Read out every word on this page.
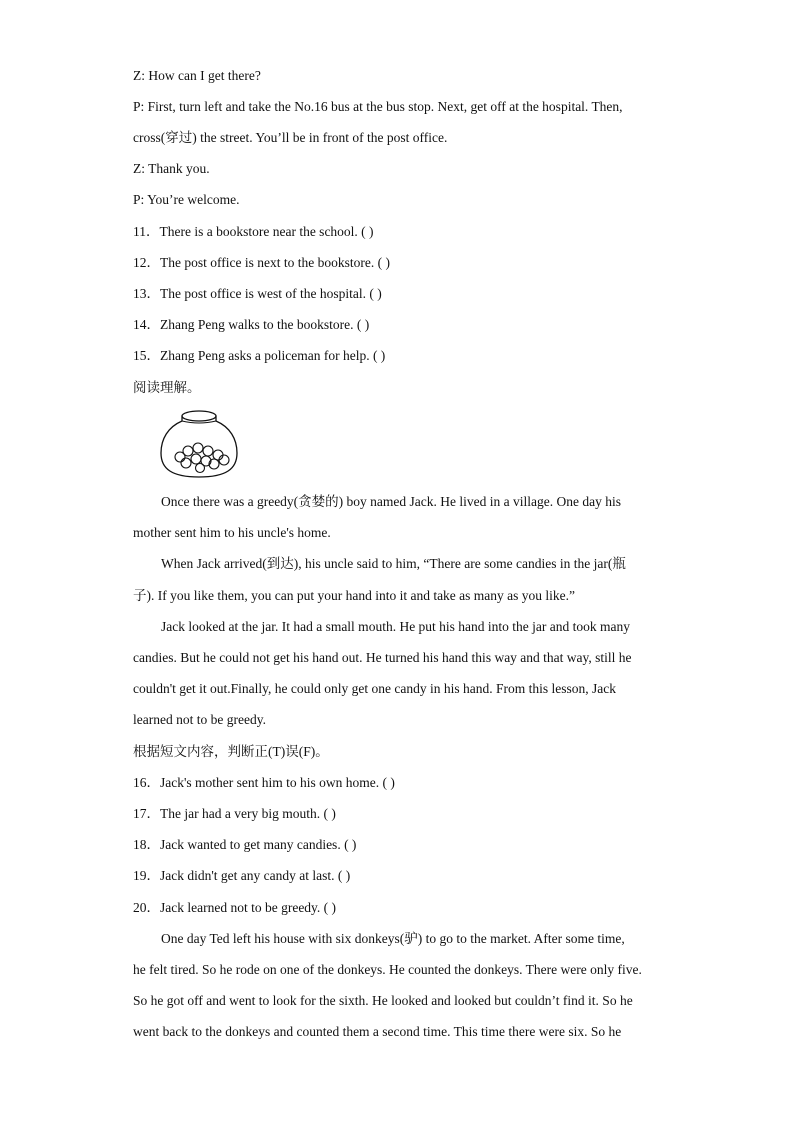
Z: How can I get there?
P: First, turn left and take the No.16 bus at the bus stop. Next, get off at the hospital. Then,
cross(穿过) the street. You’ll be in front of the post office.
Z: Thank you.
P: You’re welcome.
11．There is a bookstore near the school. ( )
12．The post office is next to the bookstore. ( )
13．The post office is west of the hospital. ( )
14．Zhang Peng walks to the bookstore. ( )
15．Zhang Peng asks a policeman for help. ( )
阅读理解。
Once there was a greedy(贪婪的) boy named Jack. He lived in a village. One day his
mother sent him to his uncle's home.
When Jack arrived(到达), his uncle said to him, “There are some candies in the jar(瓶
子). If you like them, you can put your hand into it and take as many as you like.”
Jack looked at the jar. It had a small mouth. He put his hand into the jar and took many
candies. But he could not get his hand out. He turned his hand this way and that way, still he
couldn't get it out.Finally, he could only get one candy in his hand. From this lesson, Jack
learned not to be greedy.
根据短文内容，判断正(T)误(F)。
16．Jack's mother sent him to his own home. ( )
17．The jar had a very big mouth. ( )
18．Jack wanted to get many candies. ( )
19．Jack didn't get any candy at last. ( )
20．Jack learned not to be greedy. ( )
One day Ted left his house with six donkeys(驴) to go to the market. After some time,
he felt tired. So he rode on one of the donkeys. He counted the donkeys. There were only five.
So he got off and went to look for the sixth. He looked and looked but couldn’t find it. So he
went back to the donkeys and counted them a second time. This time there were six. So he
